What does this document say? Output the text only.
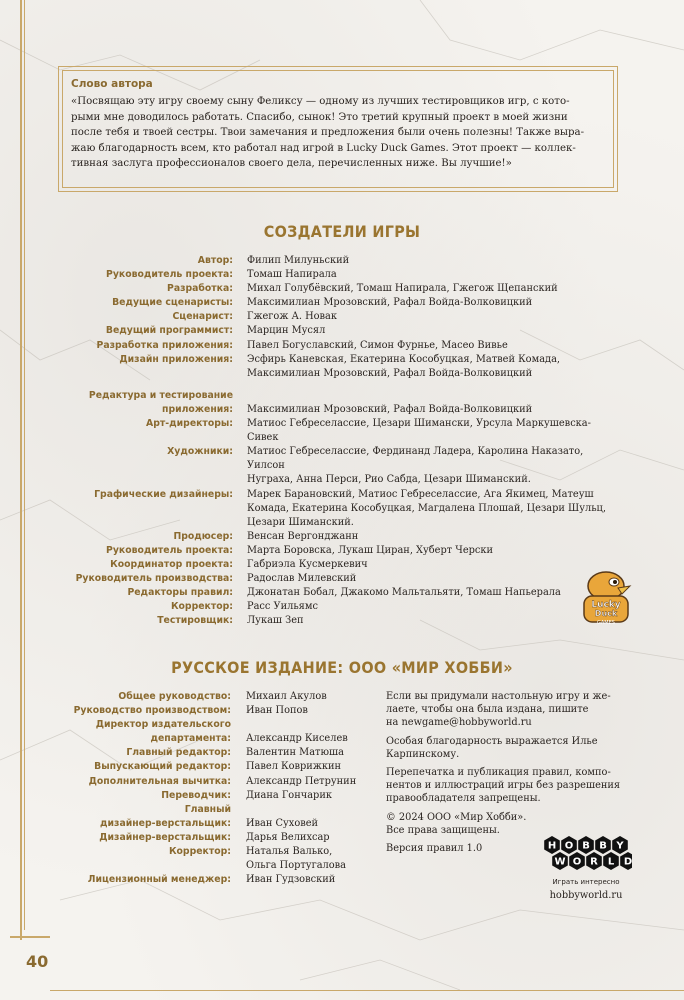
40
Слово автора
«Посвящаю эту игру своему сыну Феликсу — одному из лучших тестировщиков игр, с кото-
рыми мне доводилось работать. Спасибо, сынок! Это третий крупный проект в моей жизни
после тебя и твоей сестры. Твои замечания и предложения были очень полезны! Также выра-
жаю благодарность всем, кто работал над игрой в Lucky Duck Games. Этот проект — коллек-
тивная заслуга профессионалов своего дела, перечисленных ниже. Вы лучшие!»
СОЗДАТЕЛИ ИГРЫ
Автор: Филип Милуньский
Руководитель проекта: Томаш Напирала
Разработка: Михал Голубёвский, Томаш Напирала, Гжегож Щепанский
Ведущие сценаристы: Максимилиан Мрозовский, Рафал Войда-Волковицкий
Сценарист: Гжегож А. Новак
Ведущий программист: Марцин Мусял
Разработка приложения: Павел Богуславский, Симон Фурнье, Масео Вивье
Дизайн приложения: Эсфирь Каневская, Екатерина Кособуцкая, Матвей Комада,
Максимилиан Мрозовский, Рафал Войда-Волковицкий
Редактура и тестирование

приложения: Максимилиан Мрозовский, Рафал Войда-Волковицкий
Арт-директоры: Матиос Гебреселассие, Цезари Шимански, Урсула Маркушевска-Сивек
Художники: Матиос Гебреселассие, Фердинанд Ладера, Каролина Наказато, Уилсон
Нуграха, Анна Перси, Рио Сабда, Цезари Шиманский.
Графические дизайнеры: Марек Барановский, Матиос Гебреселассие, Ага Якимец, Матеуш
Комада, Екатерина Кособуцкая, Магдалена Плошай, Цезари Шульц,
Цезари Шиманский.
Продюсер: Венсан Вергонджанн
Руководитель проекта: Марта Боровска, Лукаш Циран, Хуберт Черски
Координатор проекта: Габриэла Кусмеркевич
Руководитель производства: Радослав Милевский
Редакторы правил: Джонатан Бобал, Джакомо Мальтальяти, Томаш Напьерала
Корректор: Расс Уильямс
Тестировщик: Лукаш Зеп
Lucky
Duck
GAMES
РУССКОЕ ИЗДАНИЕ: ООО «МИР ХОББИ»
Общее руководство: Михаил Акулов
Руководство производством: Иван Попов
Директор издательского

департамента: Александр Киселев
Главный редактор: Валентин Матюша
Выпускающий редактор: Павел Коврижкин
Дополнительная вычитка: Александр Петрунин
Переводчик: Диана Гончарик
Главный

дизайнер-верстальщик: Иван Суховей
Дизайнер-верстальщик: Дарья Велихсар
Корректор: Наталья Валько,
Ольга Португалова
Лицензионный менеджер: Иван Гудзовский

Если вы придумали настольную игру и же-
лаете, чтобы она была издана, пишите
на newgame@hobbyworld.ru

Особая благодарность выражается Илье
Карпинскому.

Перепечатка и публикация правил, компо-
нентов и иллюстраций игры без разрешения
правообладателя запрещены.

© 2024 ООО «Мир Хобби».
Все права защищены.

Версия правил 1.0	H O B B Y
W O R L D
Играть интересно
hobbyworld.ru
